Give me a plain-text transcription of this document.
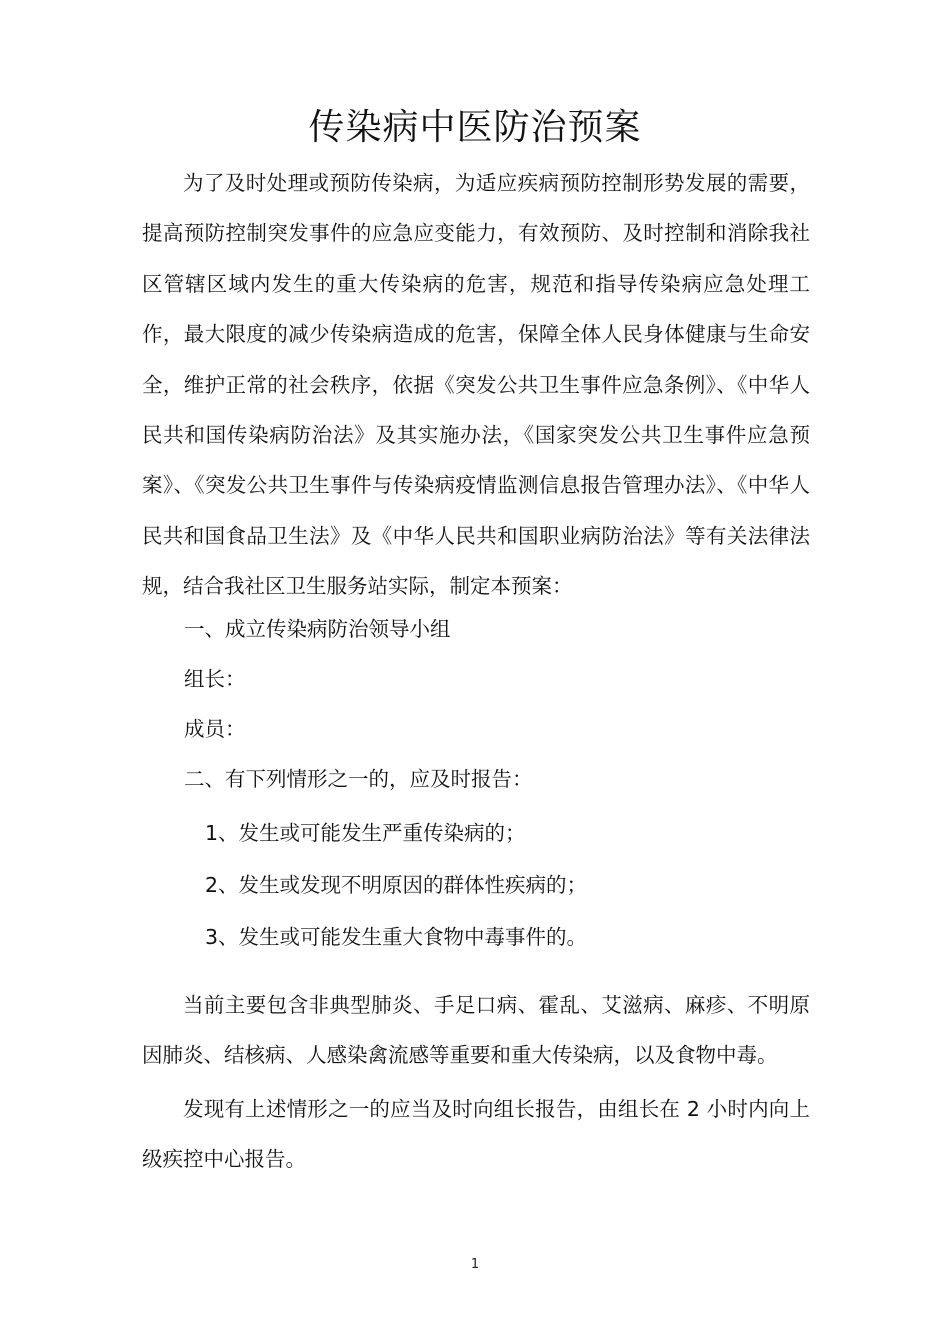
传染病中医防治预案

为了及时处理或预防传染病，为适应疾病预防控制形势发展的需要，提高预防控制突发事件的应急应变能力，有效预防、及时控制和消除我社区管辖区域内发生的重大传染病的危害，规范和指导传染病应急处理工作，最大限度的减少传染病造成的危害，保障全体人民身体健康与生命安全，维护正常的社会秩序，依据《突发公共卫生事件应急条例》、《中华人民共和国传染病防治法》及其实施办法，《国家突发公共卫生事件应急预案》、《突发公共卫生事件与传染病疫情监测信息报告管理办法》、《中华人民共和国食品卫生法》及《中华人民共和国职业病防治法》等有关法律法规，结合我社区卫生服务站实际，制定本预案：

一、成立传染病防治领导小组
组长：
成员：
二、有下列情形之一的，应及时报告：
1、发生或可能发生严重传染病的；
2、发生或发现不明原因的群体性疾病的；
3、发生或可能发生重大食物中毒事件的。

当前主要包含非典型肺炎、手足口病、霍乱、艾滋病、麻疹、不明原因肺炎、结核病、人感染禽流感等重要和重大传染病，以及食物中毒。

发现有上述情形之一的应当及时向组长报告，由组长在 2 小时内向上级疾控中心报告。

1
